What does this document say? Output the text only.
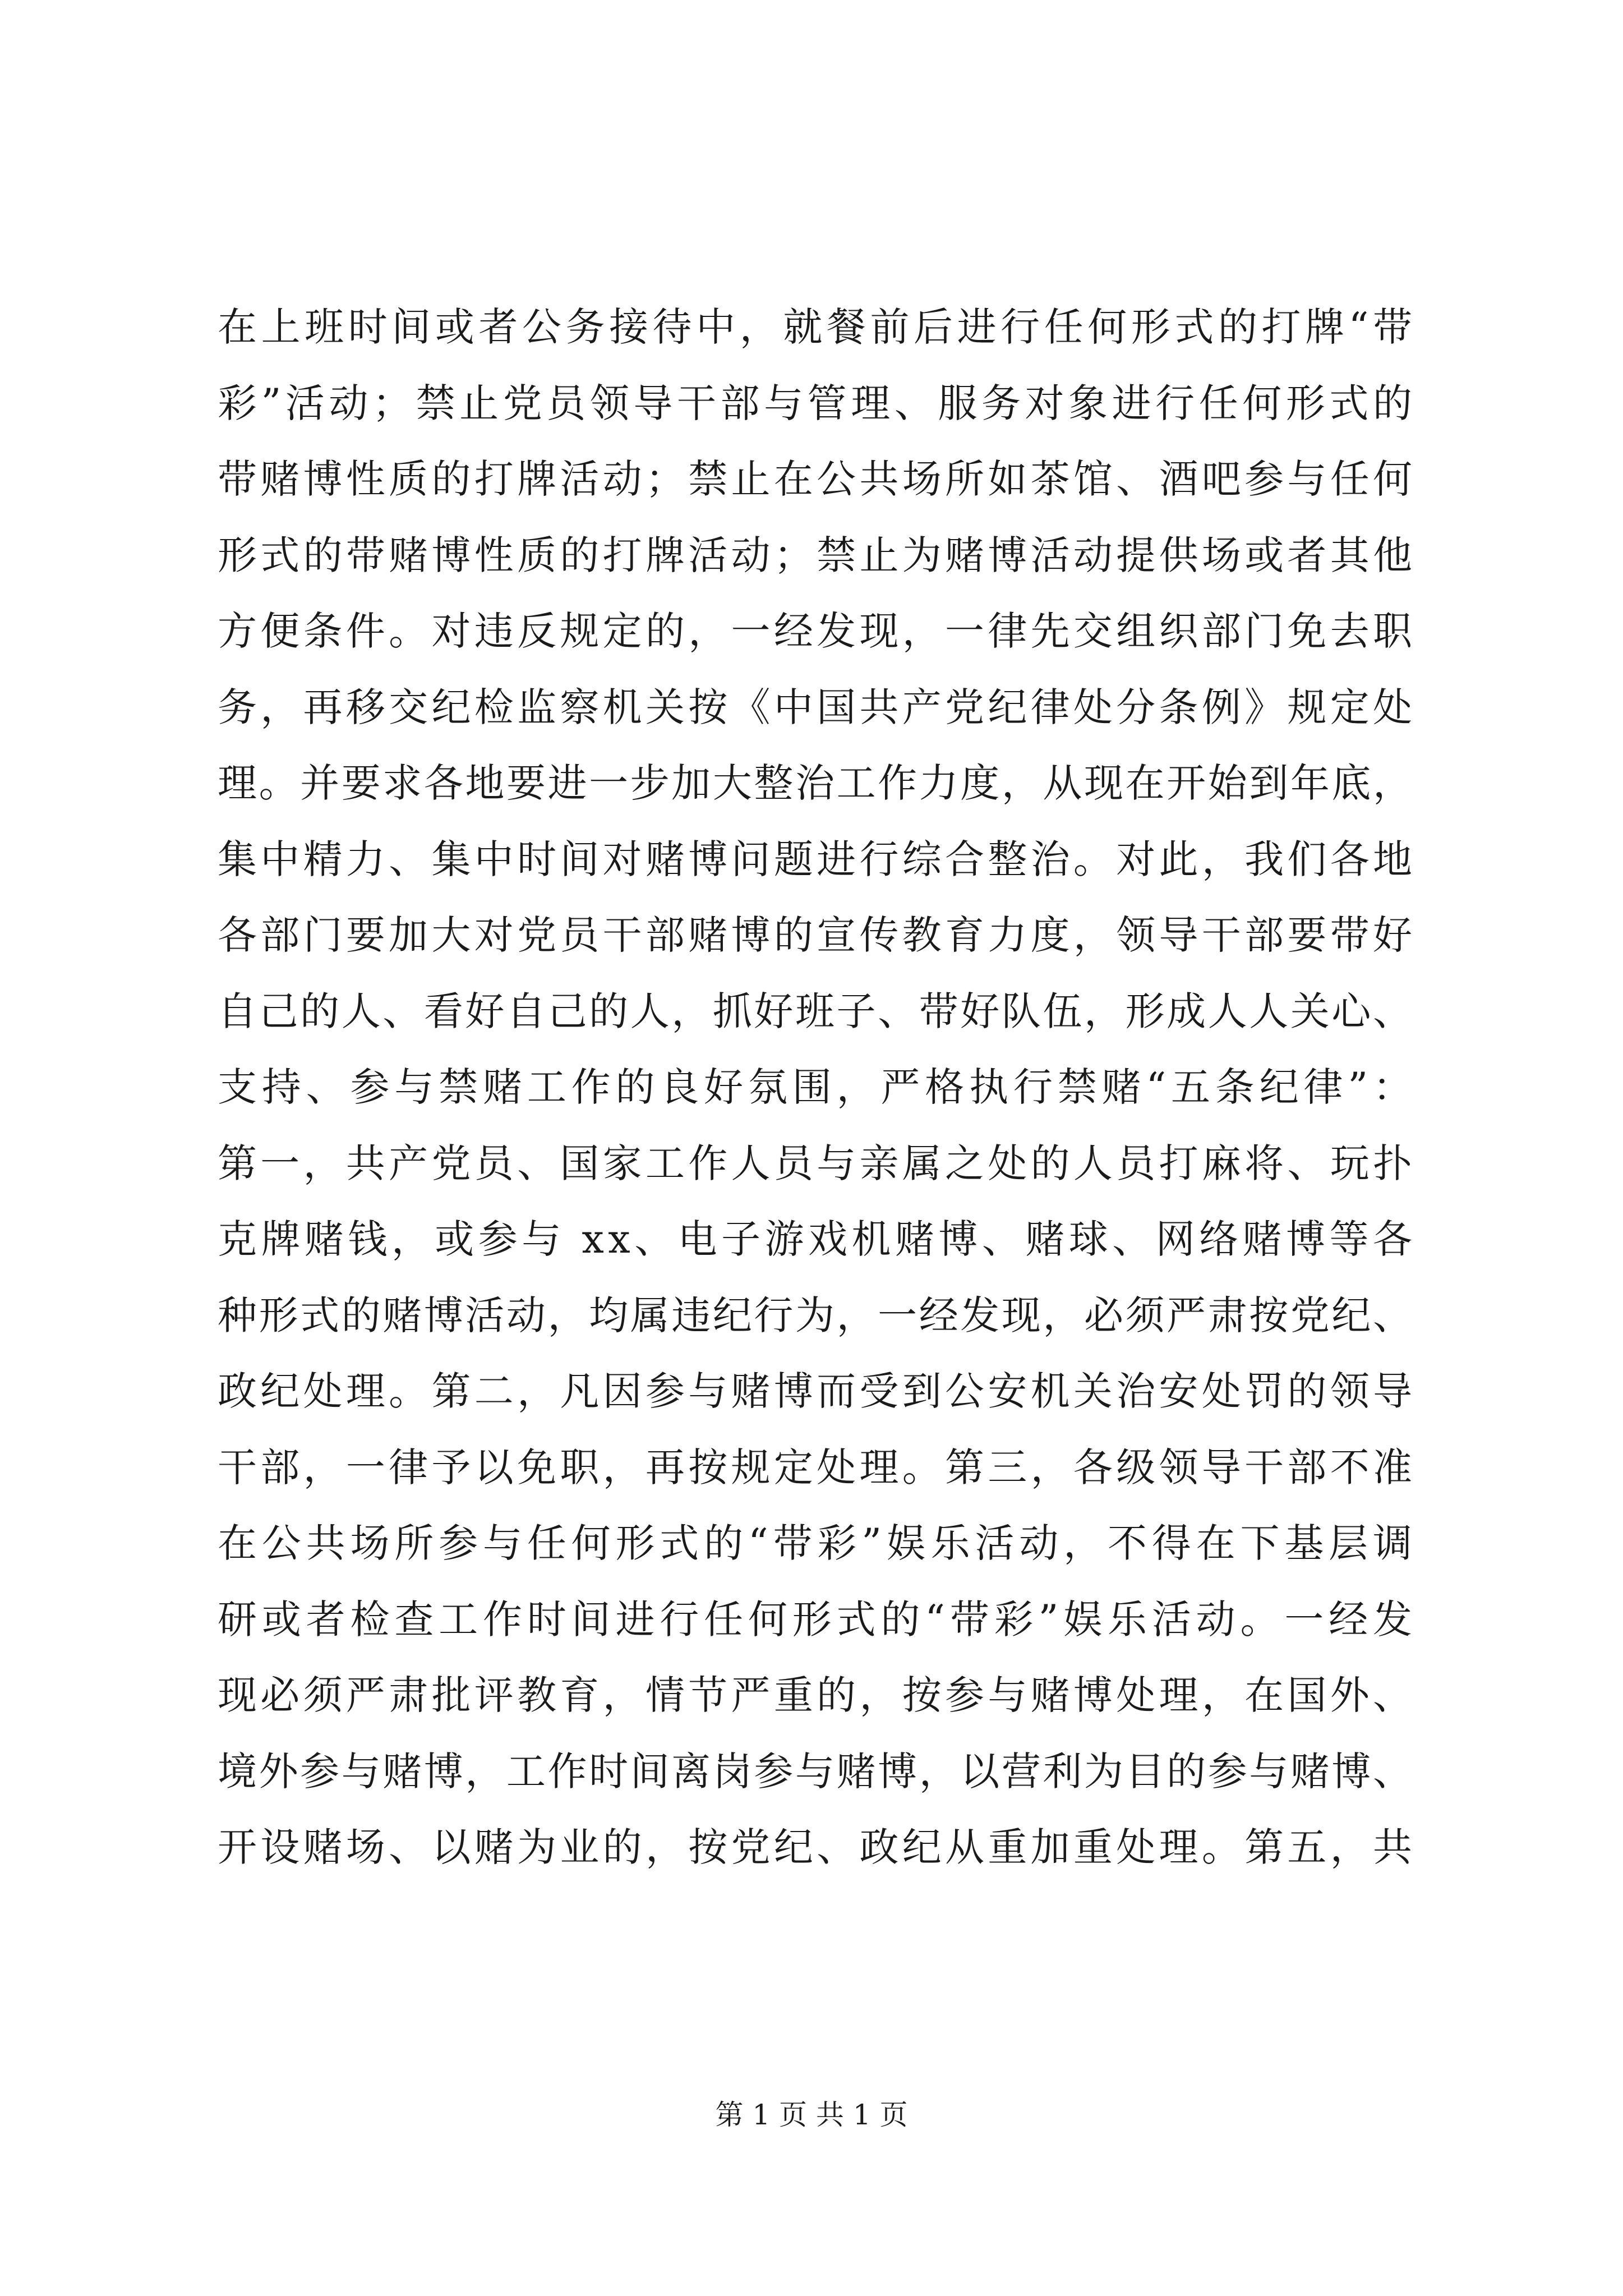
在上班时间或者公务接待中，就餐前后进行任何形式的打牌“带
彩”活动；禁止党员领导干部与管理、服务对象进行任何形式的
带赌博性质的打牌活动；禁止在公共场所如茶馆、酒吧参与任何
形式的带赌博性质的打牌活动；禁止为赌博活动提供场或者其他
方便条件。对违反规定的，一经发现，一律先交组织部门免去职
务，再移交纪检监察机关按《中国共产党纪律处分条例》规定处
理。并要求各地要进一步加大整治工作力度，从现在开始到年底，
集中精力、集中时间对赌博问题进行综合整治。对此，我们各地
各部门要加大对党员干部赌博的宣传教育力度，领导干部要带好
自己的人、看好自己的人，抓好班子、带好队伍，形成人人关心、
支持、参与禁赌工作的良好氛围，严格执行禁赌“五条纪律”：
第一，共产党员、国家工作人员与亲属之处的人员打麻将、玩扑
克牌赌钱，或参与 xx、电子游戏机赌博、赌球、网络赌博等各
种形式的赌博活动，均属违纪行为，一经发现，必须严肃按党纪、
政纪处理。第二，凡因参与赌博而受到公安机关治安处罚的领导
干部，一律予以免职，再按规定处理。第三，各级领导干部不准
在公共场所参与任何形式的“带彩”娱乐活动，不得在下基层调
研或者检查工作时间进行任何形式的“带彩”娱乐活动。一经发
现必须严肃批评教育，情节严重的，按参与赌博处理，在国外、
境外参与赌博，工作时间离岗参与赌博，以营利为目的参与赌博、
开设赌场、以赌为业的，按党纪、政纪从重加重处理。第五，共
第 1 页 共 1 页
